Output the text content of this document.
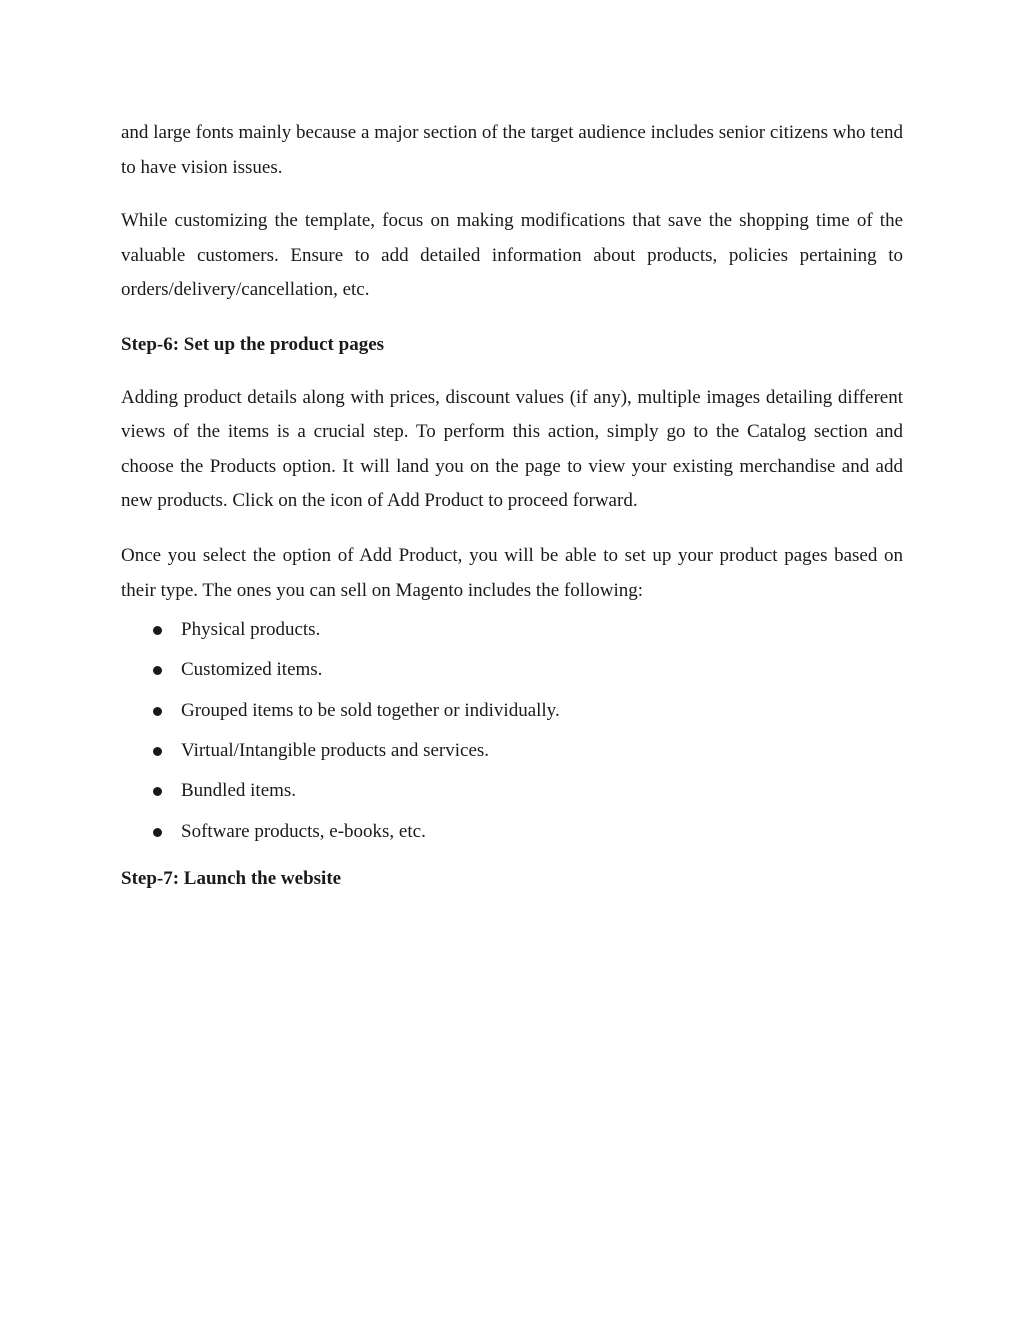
and large fonts mainly because a major section of the target audience includes senior citizens who tend to have vision issues.

While customizing the template, focus on making modifications that save the shopping time of the valuable customers. Ensure to add detailed information about products, policies pertaining to orders/delivery/cancellation, etc.

Step-6: Set up the product pages

Adding product details along with prices, discount values (if any), multiple images detailing different views of the items is a crucial step. To perform this action, simply go to the Catalog section and choose the Products option. It will land you on the page to view your existing merchandise and add new products. Click on the icon of Add Product to proceed forward.

Once you select the option of Add Product, you will be able to set up your product pages based on their type. The ones you can sell on Magento includes the following:

Physical products.
Customized items.
Grouped items to be sold together or individually.
Virtual/Intangible products and services.
Bundled items.
Software products, e-books, etc.
Step-7: Launch the website
